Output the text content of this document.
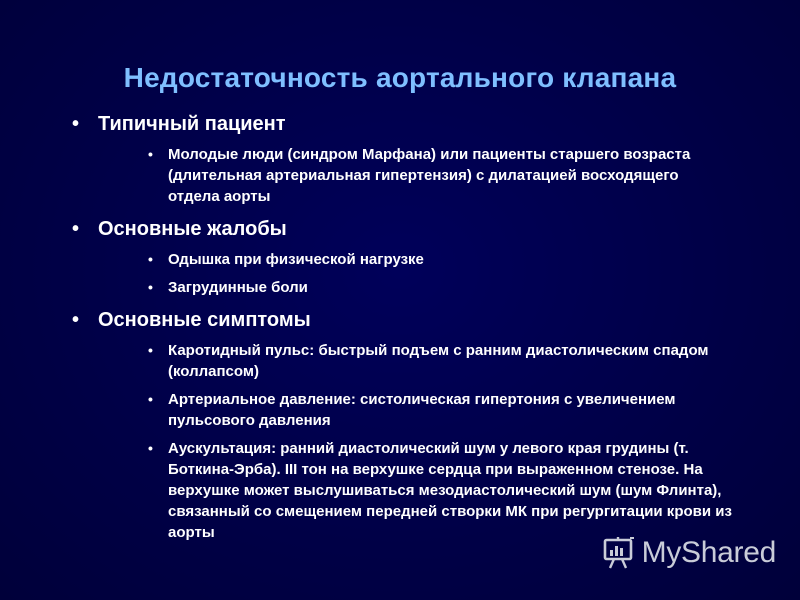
Недостаточность аортального клапана
• Типичный пациент
• Молодые люди (синдром Марфана) или пациенты старшего возраста (длительная артериальная гипертензия) с дилатацией восходящего отдела аорты
• Основные жалобы
• Одышка при физической нагрузке
• Загрудинные боли
• Основные симптомы
• Каротидный пульс: быстрый подъем с ранним диастолическим спадом (коллапсом)
• Артериальное давление: систолическая гипертония с увеличением пульсового давления
• Аускультация: ранний диастолический шум у левого края грудины (т. Боткина-Эрба). III тон на верхушке сердца при выраженном стенозе. На верхушке может выслушиваться мезодиастолический шум (шум Флинта), связанный со смещением передней створки МК при регургитации крови из аорты
MyShared
